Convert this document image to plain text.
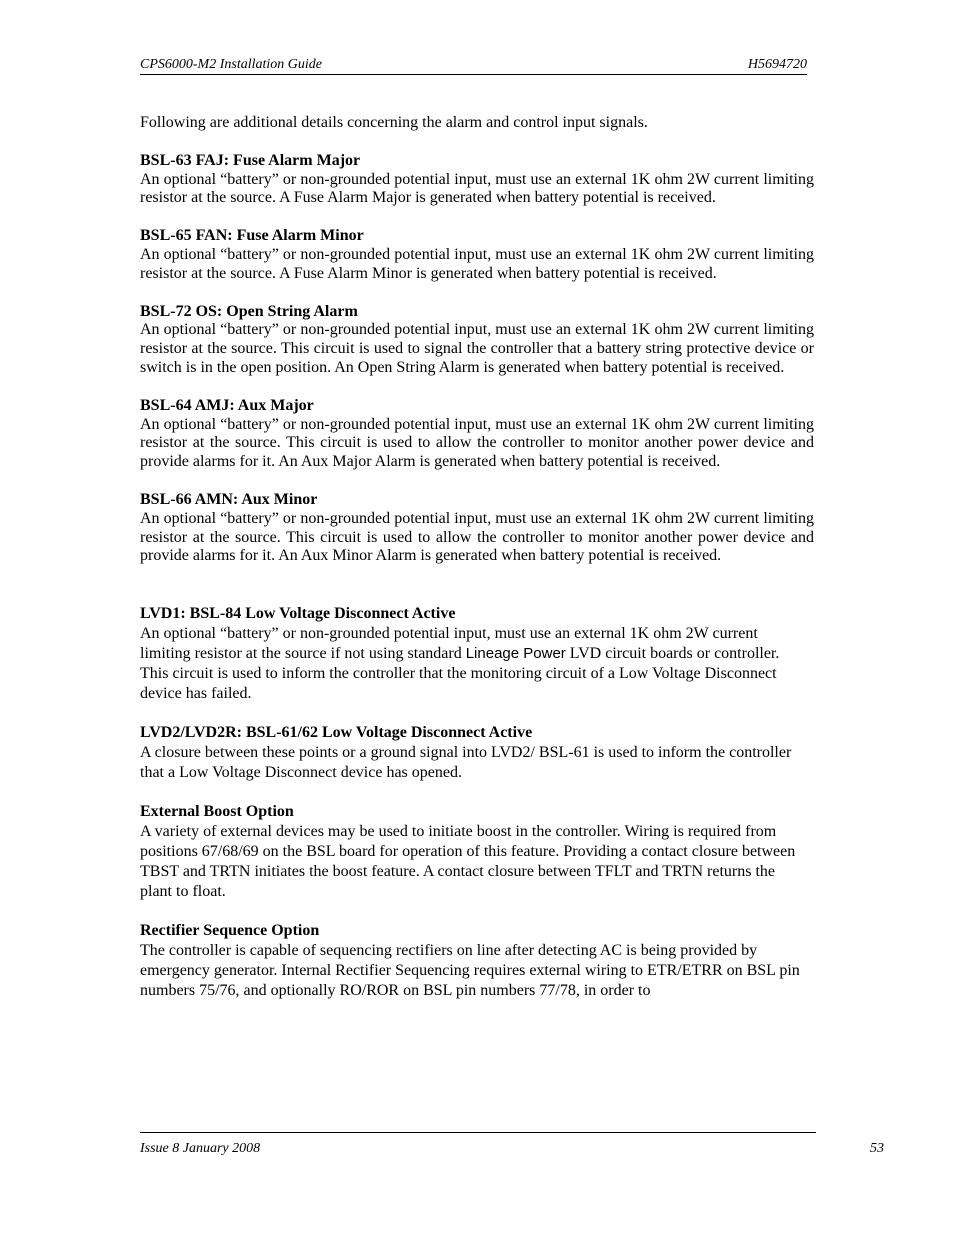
CPS6000-M2 Installation Guide	H5694720

Following are additional details concerning the alarm and control input signals.

BSL-63 FAJ: Fuse Alarm Major
An optional “battery” or non-grounded potential input, must use an external 1K ohm 2W current limiting resistor at the source. A Fuse Alarm Major is generated when battery potential is received.
BSL-65 FAN: Fuse Alarm Minor
An optional “battery” or non-grounded potential input, must use an external 1K ohm 2W current limiting resistor at the source. A Fuse Alarm Minor is generated when battery potential is received.
BSL-72 OS: Open String Alarm
An optional “battery” or non-grounded potential input, must use an external 1K ohm 2W current limiting resistor at the source. This circuit is used to signal the controller that a battery string protective device or switch is in the open position. An Open String Alarm is generated when battery potential is received.
BSL-64 AMJ: Aux Major
An optional “battery” or non-grounded potential input, must use an external 1K ohm 2W current limiting resistor at the source. This circuit is used to allow the controller to monitor another power device and provide alarms for it. An Aux Major Alarm is generated when battery potential is received.
BSL-66 AMN: Aux Minor
An optional “battery” or non-grounded potential input, must use an external 1K ohm 2W current limiting resistor at the source. This circuit is used to allow the controller to monitor another power device and provide alarms for it. An Aux Minor Alarm is generated when battery potential is received.
LVD1: BSL-84 Low Voltage Disconnect Active
An optional “battery” or non-grounded potential input, must use an external 1K ohm 2W current limiting resistor at the source if not using standard Lineage Power LVD circuit boards or controller. This circuit is used to inform the controller that the monitoring circuit of a Low Voltage Disconnect device has failed.
LVD2/LVD2R: BSL-61/62 Low Voltage Disconnect Active
A closure between these points or a ground signal into LVD2/ BSL-61 is used to inform the controller that a Low Voltage Disconnect device has opened.
External Boost Option
A variety of external devices may be used to initiate boost in the controller. Wiring is required from positions 67/68/69 on the BSL board for operation of this feature. Providing a contact closure between TBST and TRTN initiates the boost feature. A contact closure between TFLT and TRTN returns the plant to float.
Rectifier Sequence Option
The controller is capable of sequencing rectifiers on line after detecting AC is being provided by emergency generator. Internal Rectifier Sequencing requires external wiring to ETR/ETRR on BSL pin numbers 75/76, and optionally RO/ROR on BSL pin numbers 77/78, in order to
Issue 8 January 2008	53
